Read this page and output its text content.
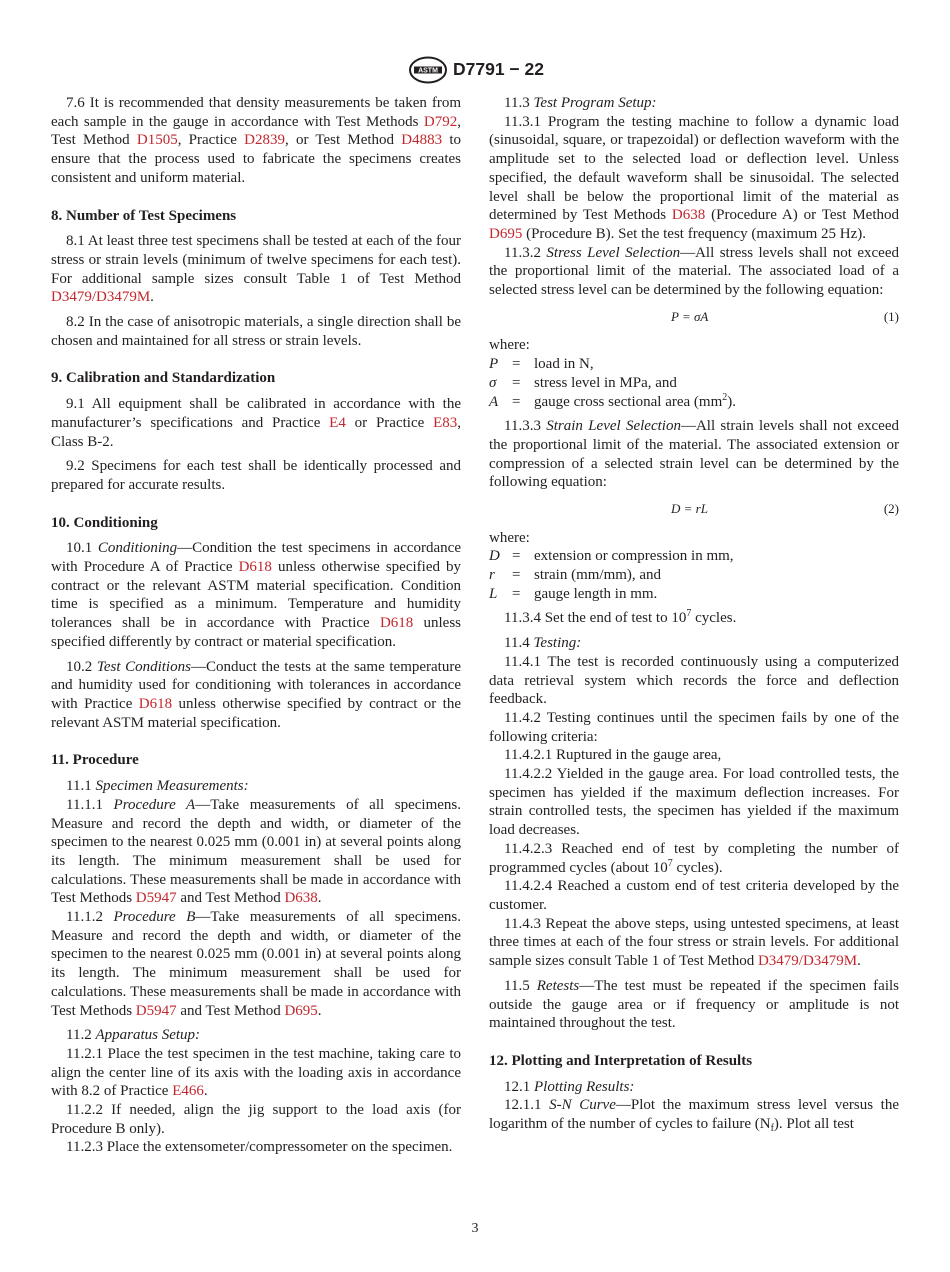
ASTM D7791 − 22

7.6 It is recommended that density measurements be taken from each sample in the gauge in accordance with Test Methods D792, Test Method D1505, Practice D2839, or Test Method D4883 to ensure that the process used to fabricate the specimens creates consistent and uniform material.

8. Number of Test Specimens

8.1 At least three test specimens shall be tested at each of the four stress or strain levels (minimum of twelve specimens for each test). For additional sample sizes consult Table 1 of Test Method D3479/D3479M.

8.2 In the case of anisotropic materials, a single direction shall be chosen and maintained for all stress or strain levels.

9. Calibration and Standardization

9.1 All equipment shall be calibrated in accordance with the manufacturer’s specifications and Practice E4 or Practice E83, Class B-2.

9.2 Specimens for each test shall be identically processed and prepared for accurate results.

10. Conditioning

10.1 Conditioning—Condition the test specimens in accordance with Procedure A of Practice D618 unless otherwise specified by contract or the relevant ASTM material specification. Condition time is specified as a minimum. Temperature and humidity tolerances shall be in accordance with Practice D618 unless specified differently by contract or material specification.

10.2 Test Conditions—Conduct the tests at the same temperature and humidity used for conditioning with tolerances in accordance with Practice D618 unless otherwise specified by contract or the relevant ASTM material specification.

11. Procedure

11.1 Specimen Measurements:

11.1.1 Procedure A—Take measurements of all specimens. Measure and record the depth and width, or diameter of the specimen to the nearest 0.025 mm (0.001 in) at several points along its length. The minimum measurement shall be used for calculations. These measurements shall be made in accordance with Test Methods D5947 and Test Method D638.

11.1.2 Procedure B—Take measurements of all specimens. Measure and record the depth and width, or diameter of the specimen to the nearest 0.025 mm (0.001 in) at several points along its length. The minimum measurement shall be used for calculations. These measurements shall be made in accordance with Test Methods D5947 and Test Method D695.

11.2 Apparatus Setup:

11.2.1 Place the test specimen in the test machine, taking care to align the center line of its axis with the loading axis in accordance with 8.2 of Practice E466.

11.2.2 If needed, align the jig support to the load axis (for Procedure B only).

11.2.3 Place the extensometer/compressometer on the specimen.

11.3 Test Program Setup:

11.3.1 Program the testing machine to follow a dynamic load (sinusoidal, square, or trapezoidal) or deflection waveform with the amplitude set to the selected load or deflection level. Unless specified, the default waveform shall be sinusoidal. The selected level shall be below the proportional limit of the material as determined by Test Methods D638 (Procedure A) or Test Method D695 (Procedure B). Set the test frequency (maximum 25 Hz).

11.3.2 Stress Level Selection—All stress levels shall not exceed the proportional limit of the material. The associated load of a selected stress level can be determined by the following equation:

P = σA	(1)

where:

P = load in N,
σ = stress level in MPa, and
A = gauge cross sectional area $(mm^2)$.

11.3.3 Strain Level Selection—All strain levels shall not exceed the proportional limit of the material. The associated extension or compression of a selected strain level can be determined by the following equation:

D = rL	(2)

where:

D = extension or compression in mm,
r = strain (mm/mm), and
L = gauge length in mm.

11.3.4 Set the end of test to $10^7$ cycles.

11.4 Testing:

11.4.1 The test is recorded continuously using a computerized data retrieval system which records the force and deflection feedback.

11.4.2 Testing continues until the specimen fails by one of the following criteria:

11.4.2.1 Ruptured in the gauge area,

11.4.2.2 Yielded in the gauge area. For load controlled tests, the specimen has yielded if the maximum deflection increases. For strain controlled tests, the specimen has yielded if the maximum load decreases.

11.4.2.3 Reached end of test by completing the number of programmed cycles (about $10^7$ cycles).

11.4.2.4 Reached a custom end of test criteria developed by the customer.

11.4.3 Repeat the above steps, using untested specimens, at least three times at each of the four stress or strain levels. For additional sample sizes consult Table 1 of Test Method D3479/D3479M.

11.5 Retests—The test must be repeated if the specimen fails outside the gauge area or if frequency or amplitude is not maintained throughout the test.

12. Plotting and Interpretation of Results

12.1 Plotting Results:

12.1.1 S-N Curve—Plot the maximum stress level versus the logarithm of the number of cycles to failure $(N_f)$. Plot all test

3
